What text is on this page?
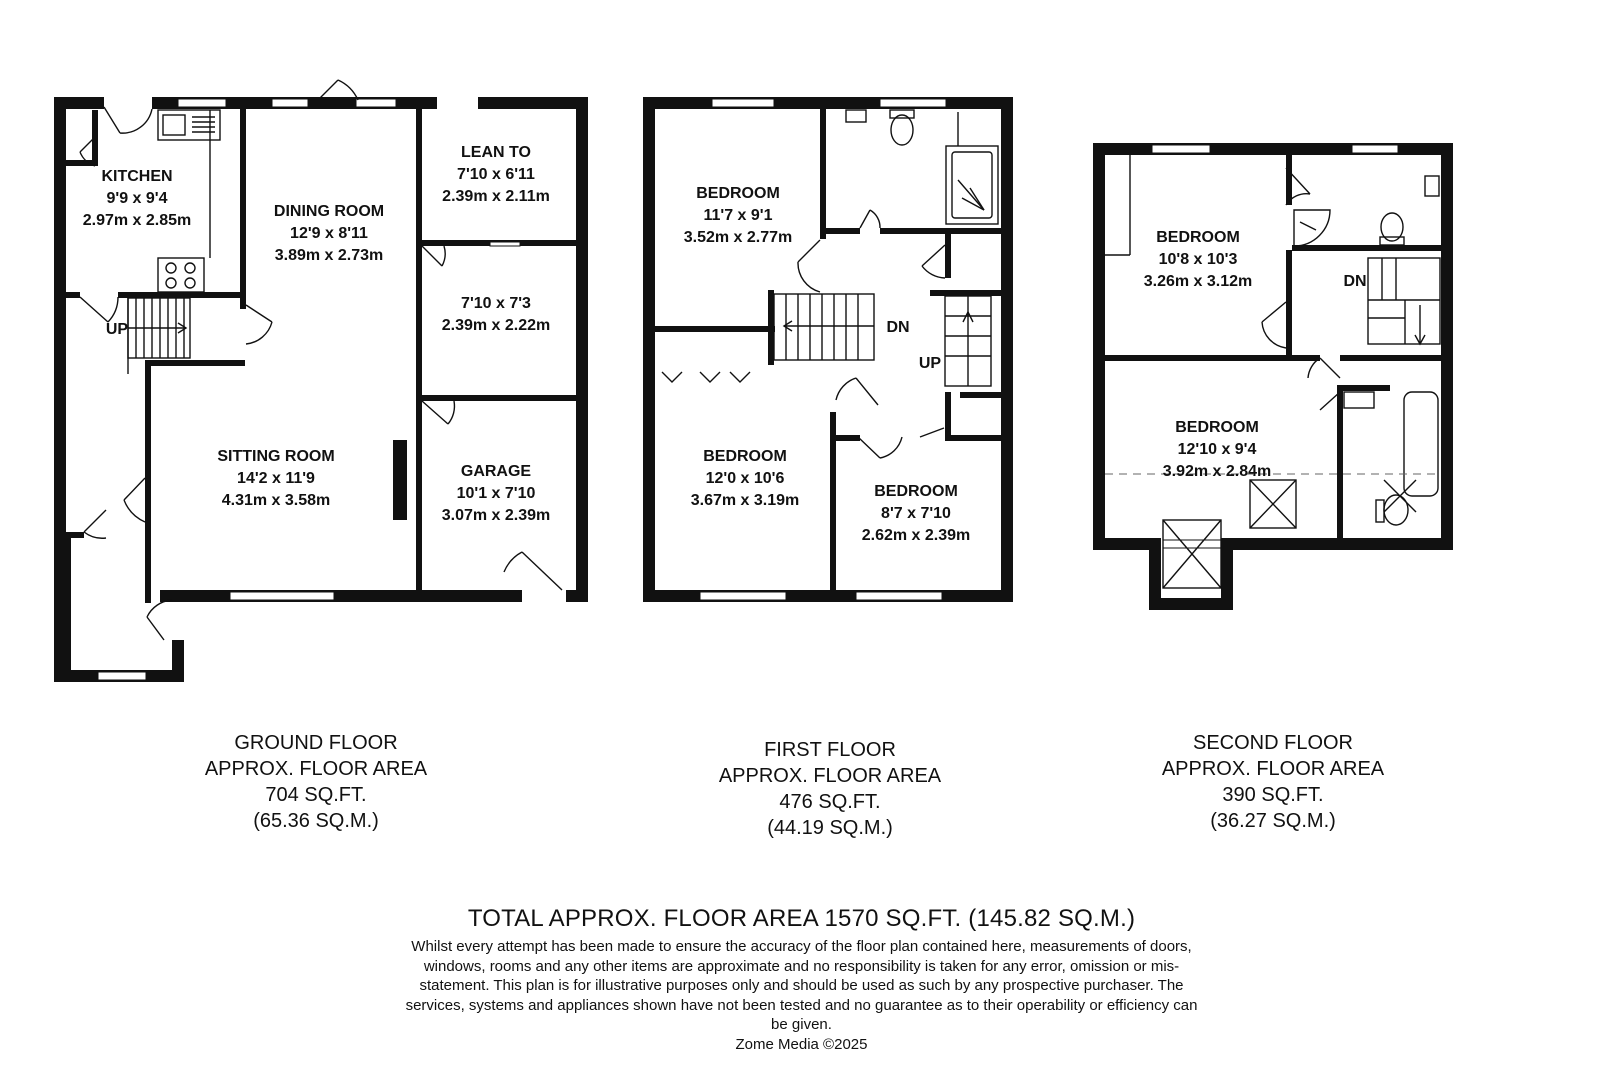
KITCHEN
9'9 x 9'4
2.97m x 2.85m
DINING ROOM
12'9 x 8'11
3.89m x 2.73m
LEAN TO
7'10 x 6'11
2.39m x 2.11m
7'10 x 7'3
2.39m x 2.22m
SITTING ROOM
14'2 x 11'9
4.31m x 3.58m
GARAGE
10'1 x 7'10
3.07m x 2.39m
UP
BEDROOM
11'7 x 9'1
3.52m x 2.77m
BEDROOM
12'0 x 10'6
3.67m x 3.19m
BEDROOM
8'7 x 7'10
2.62m x 2.39m
DN
UP
BEDROOM
10'8 x 10'3
3.26m x 3.12m
BEDROOM
12'10 x 9'4
3.92m x 2.84m
DN
GROUND FLOOR
APPROX. FLOOR AREA
704 SQ.FT.
(65.36 SQ.M.)
FIRST FLOOR
APPROX. FLOOR AREA
476 SQ.FT.
(44.19 SQ.M.)
SECOND FLOOR
APPROX. FLOOR AREA
390 SQ.FT.
(36.27 SQ.M.)
TOTAL APPROX. FLOOR AREA 1570 SQ.FT. (145.82 SQ.M.)
Whilst every attempt has been made to ensure the accuracy of the floor plan contained here, measurements of doors, windows, rooms and any other items are approximate and no responsibility is taken for any error, omission or mis-statement. This plan is for illustrative purposes only and should be used as such by any prospective purchaser. The services, systems and appliances shown have not been tested and no guarantee as to their operability or efficiency can be given.
Zome Media ©2025
